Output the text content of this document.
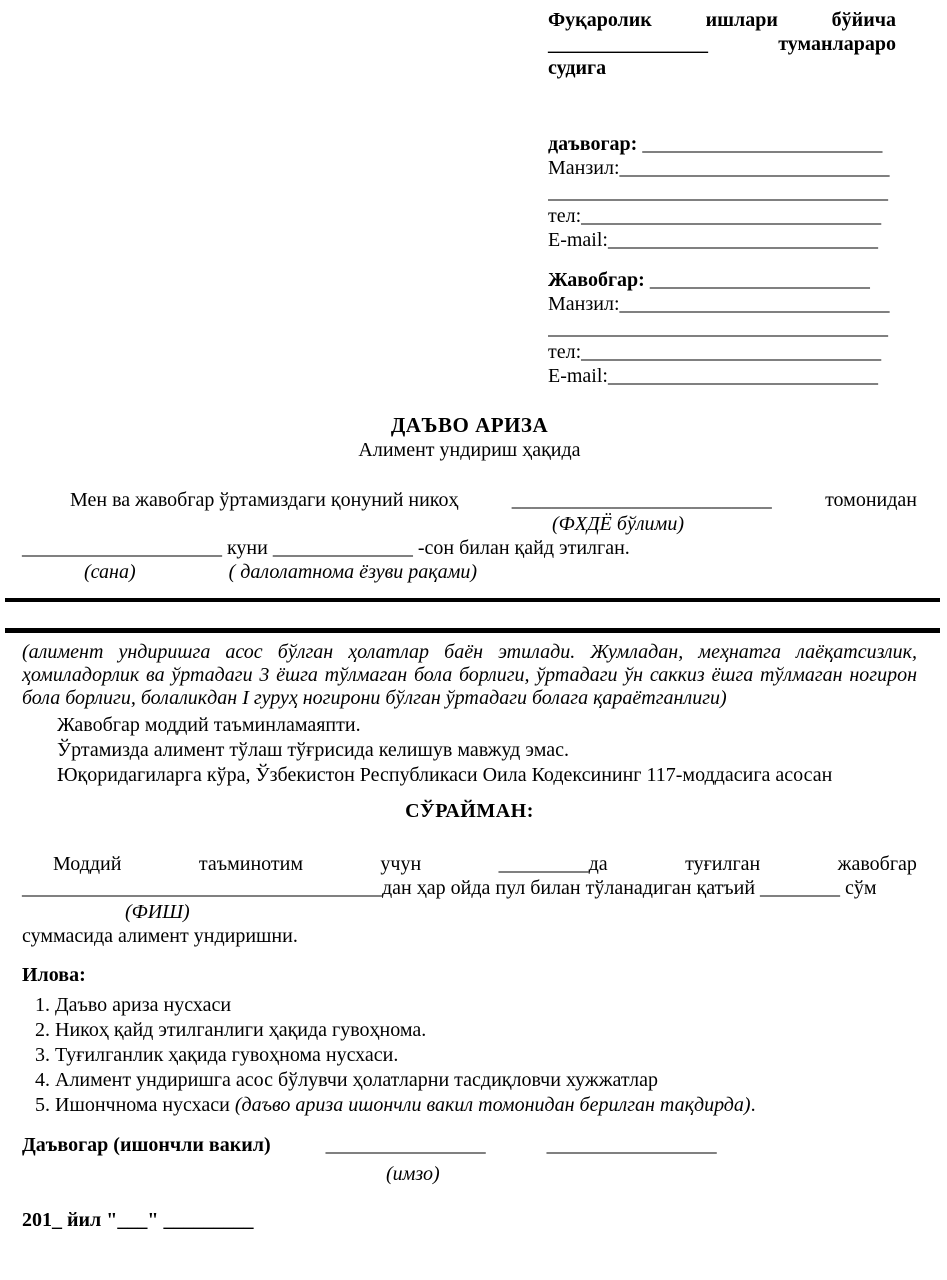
Фуқаролик	ишлари	бўйича
________________	туманлараро
судига
даъвогар: ________________________
Манзил:___________________________
__________________________________
тел:______________________________
E-mail:___________________________
Жавобгар: ______________________
Манзил:___________________________
__________________________________
тел:______________________________
E-mail:___________________________
ДАЪВО АРИЗА
Алимент ундириш ҳақида
Мен ва жавобгар ўртамиздаги қонуний никоҳ	__________________________	томонидан
(ФХДЁ бўлими)
____________________ куни ______________ -сон билан қайд этилган.
(сана)	( далолатнома ёзуви рақами)
(алимент ундиришга асос бўлган ҳолатлар баён этилади. Жумладан, меҳнатга лаёқатсизлик, ҳомиладорлик ва ўртадаги 3 ёшга тўлмаган бола борлиги, ўртадаги ўн саккиз ёшга тўлмаган ногирон бола борлиги, болаликдан I гуруҳ ногирони бўлган ўртадаги болага қараётганлиги)
Жавобгар моддий таъминламаяпти.
Ўртамизда алимент тўлаш тўғрисида келишув мавжуд эмас.
Юқоридагиларга кўра, Ўзбекистон Республикаси Оила Кодексининг 117-моддасига асосан
СЎРАЙМАН:
Моддий	таъминотим	учун	_________да	туғилган	жавобгар
____________________________________дан ҳар ойда пул билан тўланадиган қатъий ________ сўм
(ФИШ)
суммасида алимент ундиришни.
Илова:
1. Даъво ариза нусхаси
2. Никоҳ қайд этилганлиги ҳақида гувоҳнома.
3. Туғилганлик ҳақида гувоҳнома нусхаси.
4. Алимент ундиришга асос бўлувчи ҳолатларни тасдиқловчи хужжатлар
5. Ишончнома нусхаси (даъво ариза ишончли вакил томонидан берилган тақдирда).
Даъвогар (ишончли вакил)	________________	_________________
(имзо)
201_ йил "___" _________
